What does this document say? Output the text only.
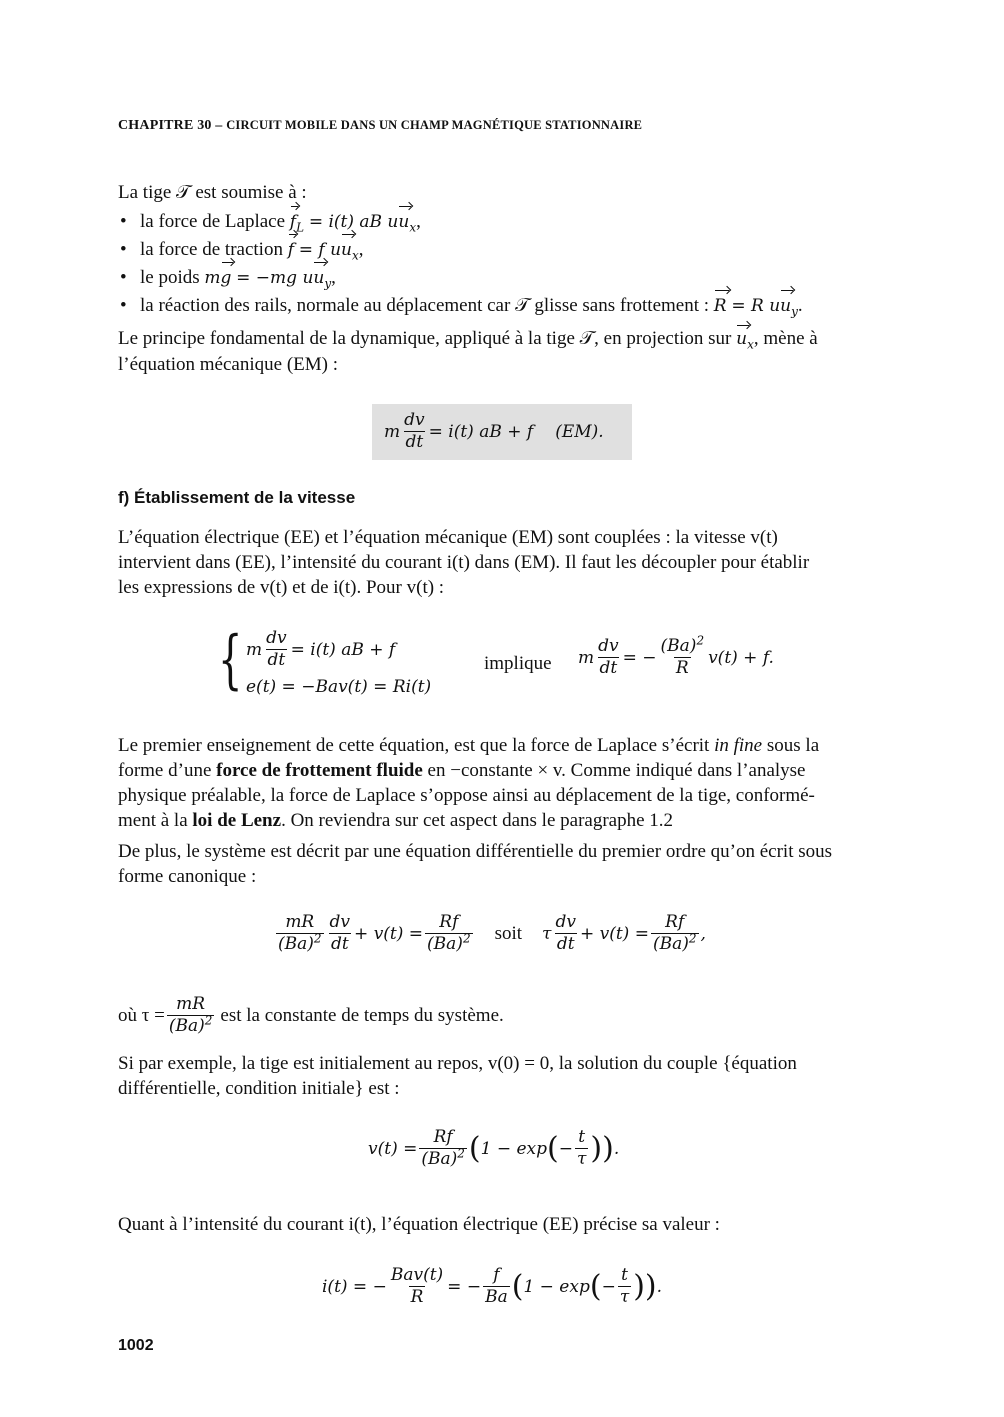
CHAPITRE 30 – CIRCUIT MOBILE DANS UN CHAMP MAGNÉTIQUE STATIONNAIRE

La tige 𝒯 est soumise à :

• la force de Laplace $f_L = i(t)$ aB $uu_x$,
• la force de traction f = f $uu_x$,
• le poids mg = −mg $uu_y$,
• la réaction des rails, normale au déplacement car 𝒯 glisse sans frottement : R = R $uu_y$.

Le principe fondamental de la dynamique, appliqué à la tige 𝒯, en projection sur $u_x$, mène à
l’équation mécanique (EM) :

m $\frac{dv}{dt} = i(t)$ aB + f (EM).
f) Établissement de la vitesse

L’équation électrique (EE) et l’équation mécanique (EM) sont couplées : la vitesse v(t)
intervient dans (EE), l’intensité du courant i(t) dans (EM). Il faut les découpler pour établir
les expressions de v(t) et de i(t). Pour v(t) :

{ m $\frac{dv}{dt} = i(t)$ aB + f
e(t) = −Bav(t) = Ri(t)
implique m $\frac{dv}{dt}$ = − $\frac{(Ba)^2}{R} v(t) + f$.

Le premier enseignement de cette équation, est que la force de Laplace s’écrit in fine sous la
forme d’une force de frottement fluide en −constante × v. Comme indiqué dans l’analyse
physique préalable, la force de Laplace s’oppose ainsi au déplacement de la tige, conformé-
ment à la loi de Lenz. On reviendra sur cet aspect dans le paragraphe 1.2

De plus, le système est décrit par une équation différentielle du premier ordre qu’on écrit sous
forme canonique :

$\frac{mR}{(Ba)^2} \frac{dv}{dt} + v(t) = \frac{Rf}{(Ba)^2}$ soit τ $\frac{dv}{dt} + v(t) = \frac{Rf}{(Ba)^2}$ ,
où $\tau = \frac{mR}{(Ba)^2}$ est la constante de temps du système.

Si par exemple, la tige est initialement au repos, v(0) = 0, la solution du couple {équation
différentielle, condition initiale} est :

$v(t) = \frac{Rf}{(Ba)^2}$ ( 1 − exp ( − $\frac{t}{\tau}$ )) .

Quant à l’intensité du courant i(t), l’équation électrique (EE) précise sa valeur :

i(t) = − $\frac{\text{Bav(t)}}{R}$ = − $\frac{f}{Ba}$ ( 1 − exp ( − $\frac{t}{\tau}$ )) .
1002
